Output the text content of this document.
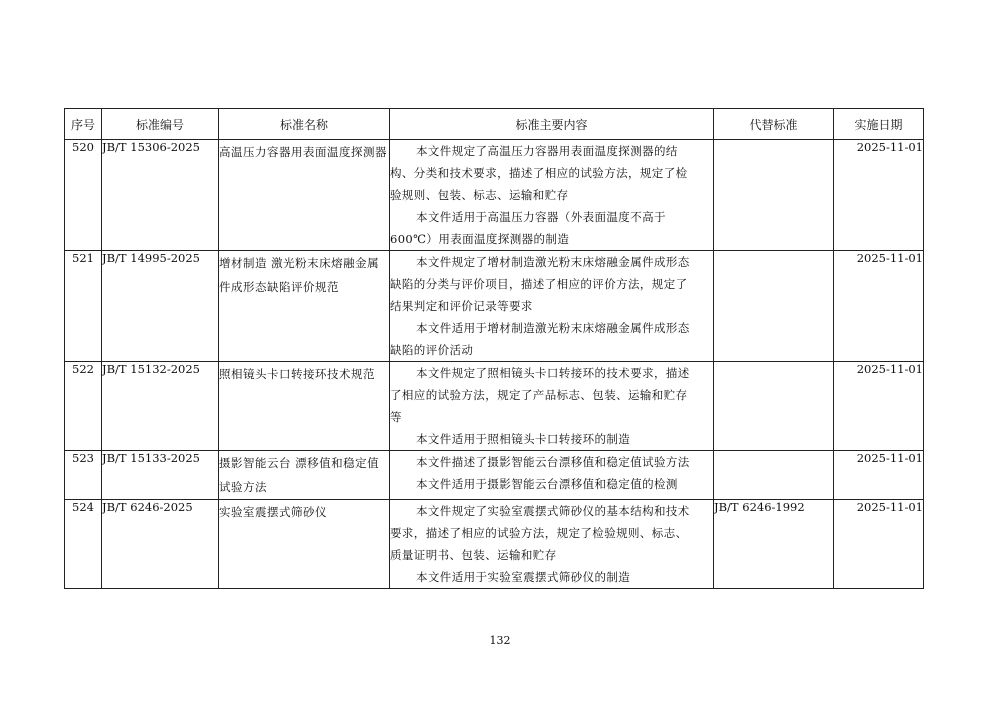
序号	标准编号	标准名称	标准主要内容	代替标准	实施日期
520	JB/T 15306-2025	高温压力容器用表面温度探测器	本文件规定了高温压力容器用表面温度探测器的结
构、分类和技术要求，描述了相应的试验方法，规定了检
验规则、包装、标志、运输和贮存
本文件适用于高温压力容器（外表面温度不高于
600℃）用表面温度探测器的制造		2025-11-01
521	JB/T 14995-2025	增材制造 激光粉末床熔融金属件成形态缺陷评价规范	本文件规定了增材制造激光粉末床熔融金属件成形态
缺陷的分类与评价项目，描述了相应的评价方法，规定了
结果判定和评价记录等要求
本文件适用于增材制造激光粉末床熔融金属件成形态
缺陷的评价活动		2025-11-01
522	JB/T 15132-2025	照相镜头卡口转接环技术规范	本文件规定了照相镜头卡口转接环的技术要求，描述
了相应的试验方法，规定了产品标志、包装、运输和贮存
等
本文件适用于照相镜头卡口转接环的制造		2025-11-01
523	JB/T 15133-2025	摄影智能云台 漂移值和稳定值试验方法	本文件描述了摄影智能云台漂移值和稳定值试验方法
本文件适用于摄影智能云台漂移值和稳定值的检测		2025-11-01
524	JB/T 6246-2025	实验室震摆式筛砂仪	本文件规定了实验室震摆式筛砂仪的基本结构和技术
要求，描述了相应的试验方法，规定了检验规则、标志、
质量证明书、包装、运输和贮存
本文件适用于实验室震摆式筛砂仪的制造	JB/T 6246-1992	2025-11-01
132
